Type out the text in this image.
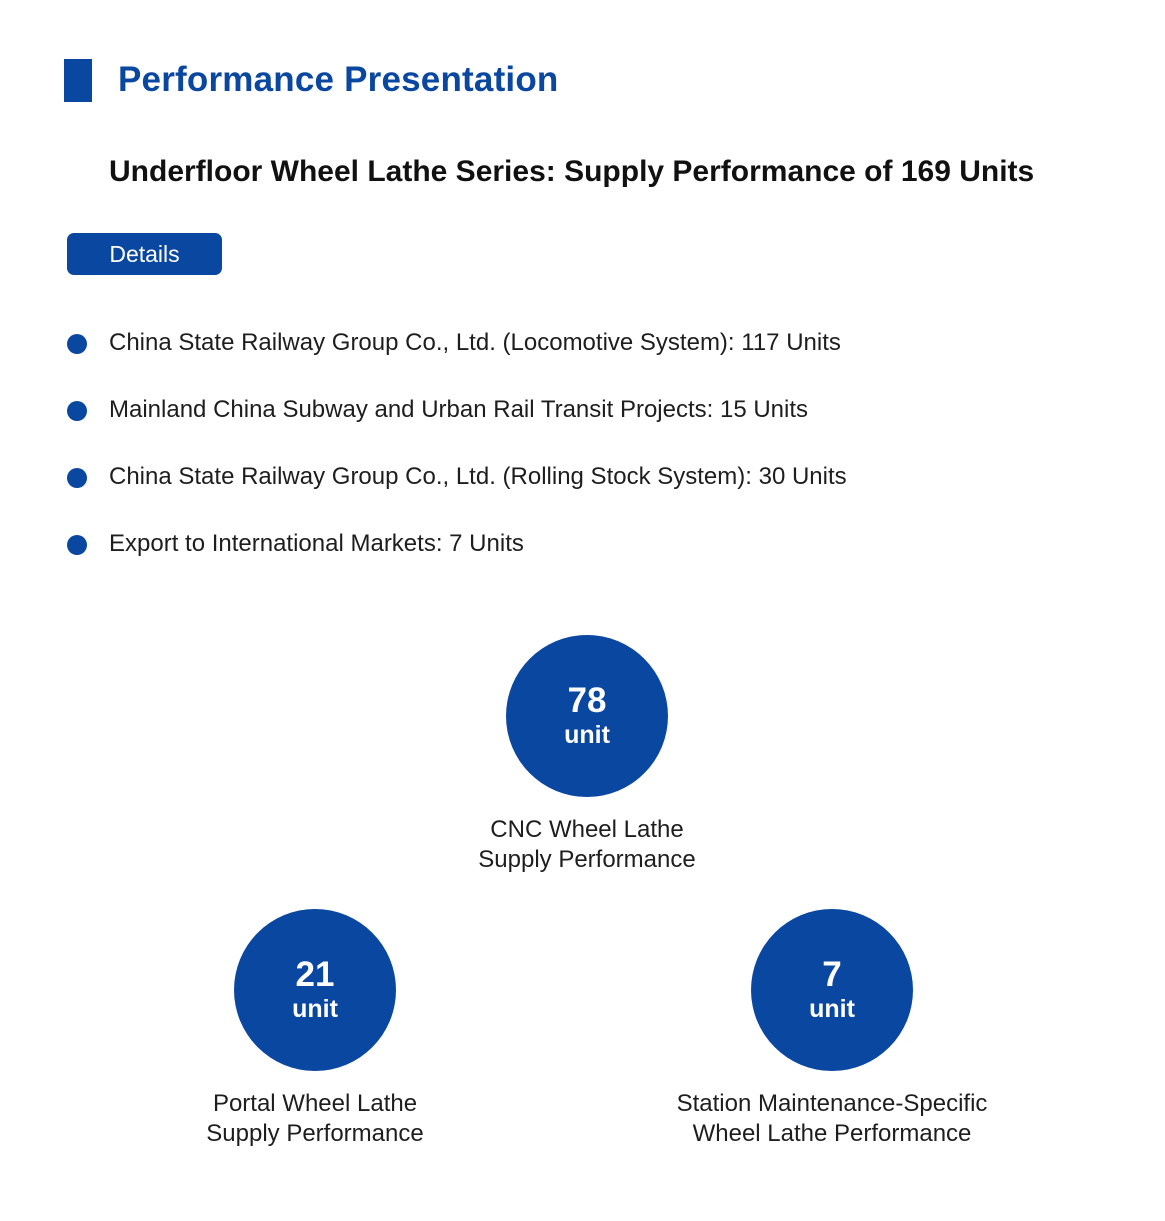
Performance Presentation
Underfloor Wheel Lathe Series: Supply Performance of 169 Units
Details
China State Railway Group Co., Ltd. (Locomotive System): 117 Units
Mainland China Subway and Urban Rail Transit Projects: 15 Units
China State Railway Group Co., Ltd. (Rolling Stock System): 30 Units
Export to International Markets: 7 Units
78
unit
CNC Wheel Lathe
Supply Performance
21
unit
Portal Wheel Lathe
Supply Performance
7
unit
Station Maintenance-Specific
Wheel Lathe Performance
